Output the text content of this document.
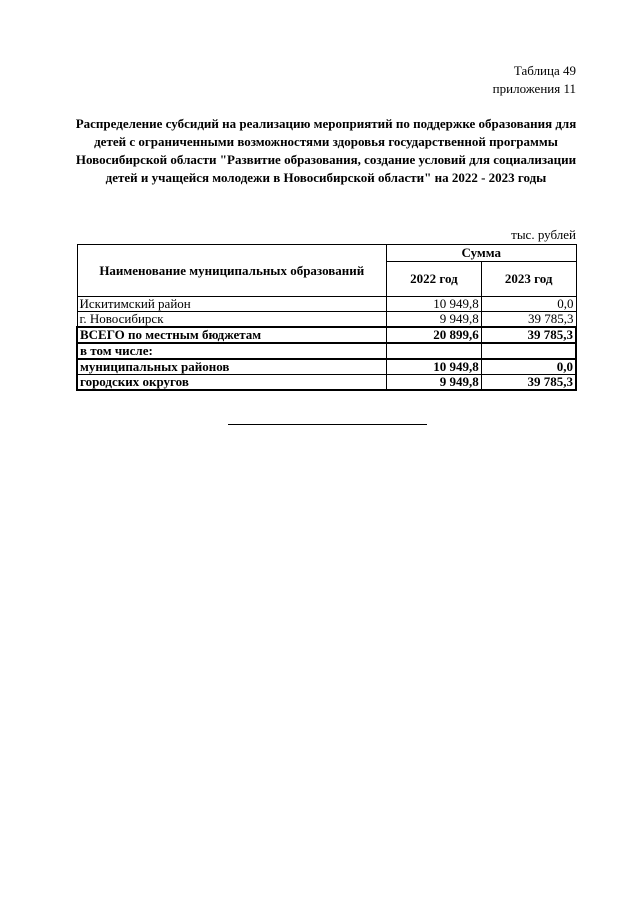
Таблица 49
приложения 11
Распределение субсидий на реализацию мероприятий по поддержке образования для детей с ограниченными возможностями здоровья государственной программы Новосибирской области "Развитие образования, создание условий для социализации детей и учащейся молодежи в Новосибирской области" на 2022 - 2023 годы
тыс. рублей
Наименование муниципальных образований	Сумма	
	2022 год	2023 год
Искитимский район	10 949,8	0,0
г. Новосибирск	9 949,8	39 785,3
ВСЕГО по местным бюджетам	20 899,6	39 785,3
в том числе:		
муниципальных районов	10 949,8	0,0
городских округов	9 949,8	39 785,3
